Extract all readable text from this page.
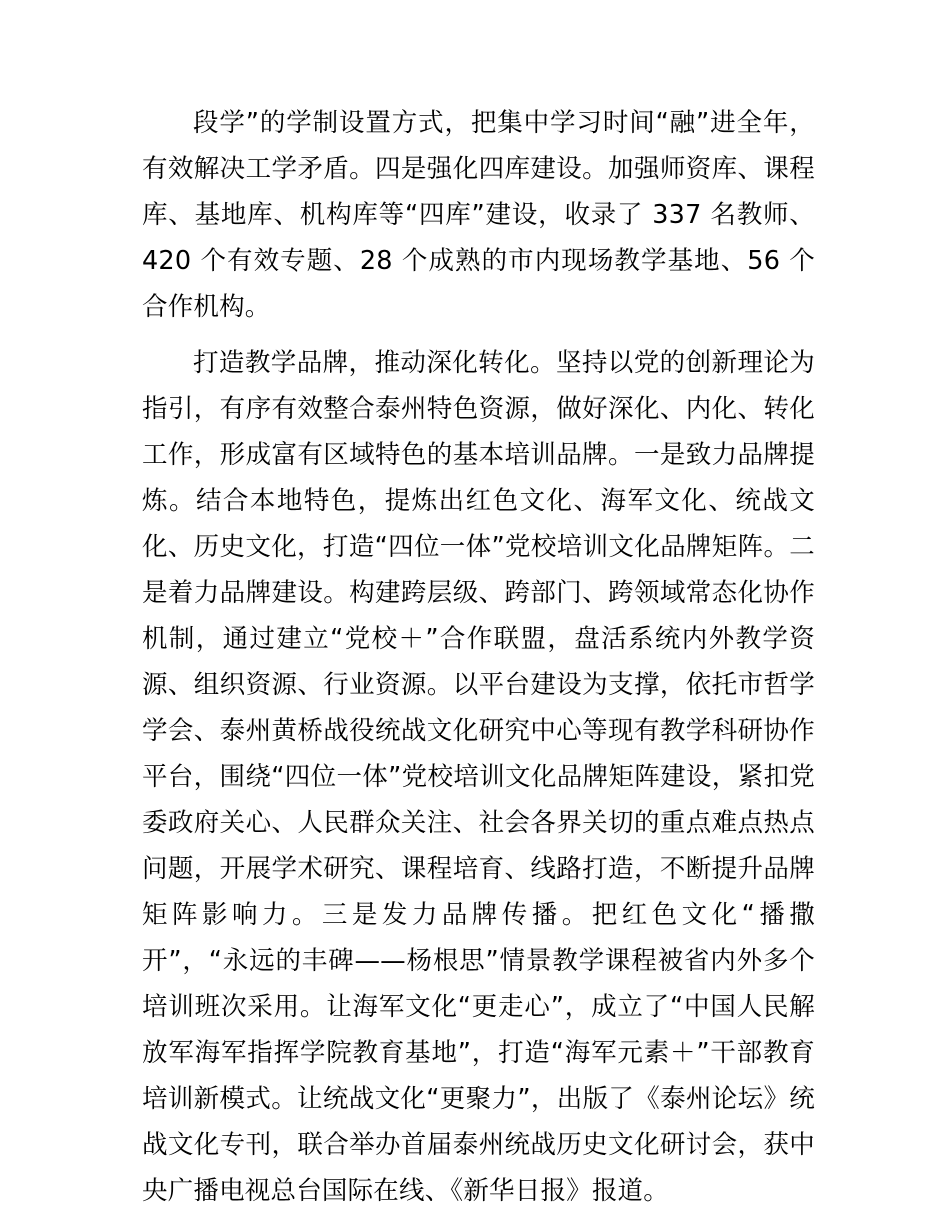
段学”的学制设置方式，把集中学习时间“融”进全年，有效解决工学矛盾。四是强化四库建设。加强师资库、课程库、基地库、机构库等“四库”建设，收录了 337 名教师、420 个有效专题、28 个成熟的市内现场教学基地、56 个合作机构。

打造教学品牌，推动深化转化。坚持以党的创新理论为指引，有序有效整合泰州特色资源，做好深化、内化、转化工作，形成富有区域特色的基本培训品牌。一是致力品牌提炼。结合本地特色，提炼出红色文化、海军文化、统战文化、历史文化，打造“四位一体”党校培训文化品牌矩阵。二是着力品牌建设。构建跨层级、跨部门、跨领域常态化协作机制，通过建立“党校＋”合作联盟，盘活系统内外教学资源、组织资源、行业资源。以平台建设为支撑，依托市哲学学会、泰州黄桥战役统战文化研究中心等现有教学科研协作平台，围绕“四位一体”党校培训文化品牌矩阵建设，紧扣党委政府关心、人民群众关注、社会各界关切的重点难点热点问题，开展学术研究、课程培育、线路打造，不断提升品牌矩阵影响力。三是发力品牌传播。把红色文化“播撒开”，“永远的丰碑——杨根思”情景教学课程被省内外多个培训班次采用。让海军文化“更走心”，成立了“中国人民解放军海军指挥学院教育基地”，打造“海军元素＋”干部教育培训新模式。让统战文化“更聚力”，出版了《泰州论坛》统战文化专刊，联合举办首届泰州统战历史文化研讨会，获中央广播电视总台国际在线、《新华日报》报道。
